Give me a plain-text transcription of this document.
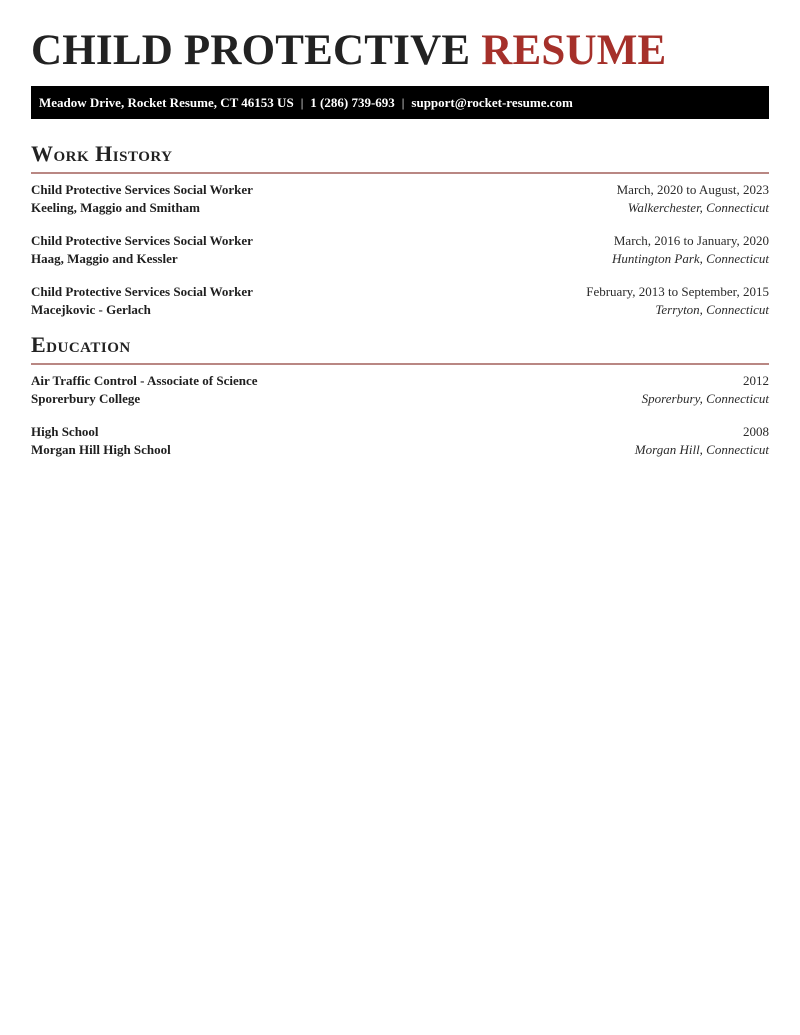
CHILD PROTECTIVE RESUME
Meadow Drive, Rocket Resume, CT 46153 US | 1 (286) 739-693 | support@rocket-resume.com
Work History
Child Protective Services Social Worker	March, 2020 to August, 2023
Keeling, Maggio and Smitham	Walkerchester, Connecticut
Child Protective Services Social Worker	March, 2016 to January, 2020
Haag, Maggio and Kessler	Huntington Park, Connecticut
Child Protective Services Social Worker	February, 2013 to September, 2015
Macejkovic - Gerlach	Terryton, Connecticut
Education
Air Traffic Control - Associate of Science	2012
Sporerbury College	Sporerbury, Connecticut
High School	2008
Morgan Hill High School	Morgan Hill, Connecticut
